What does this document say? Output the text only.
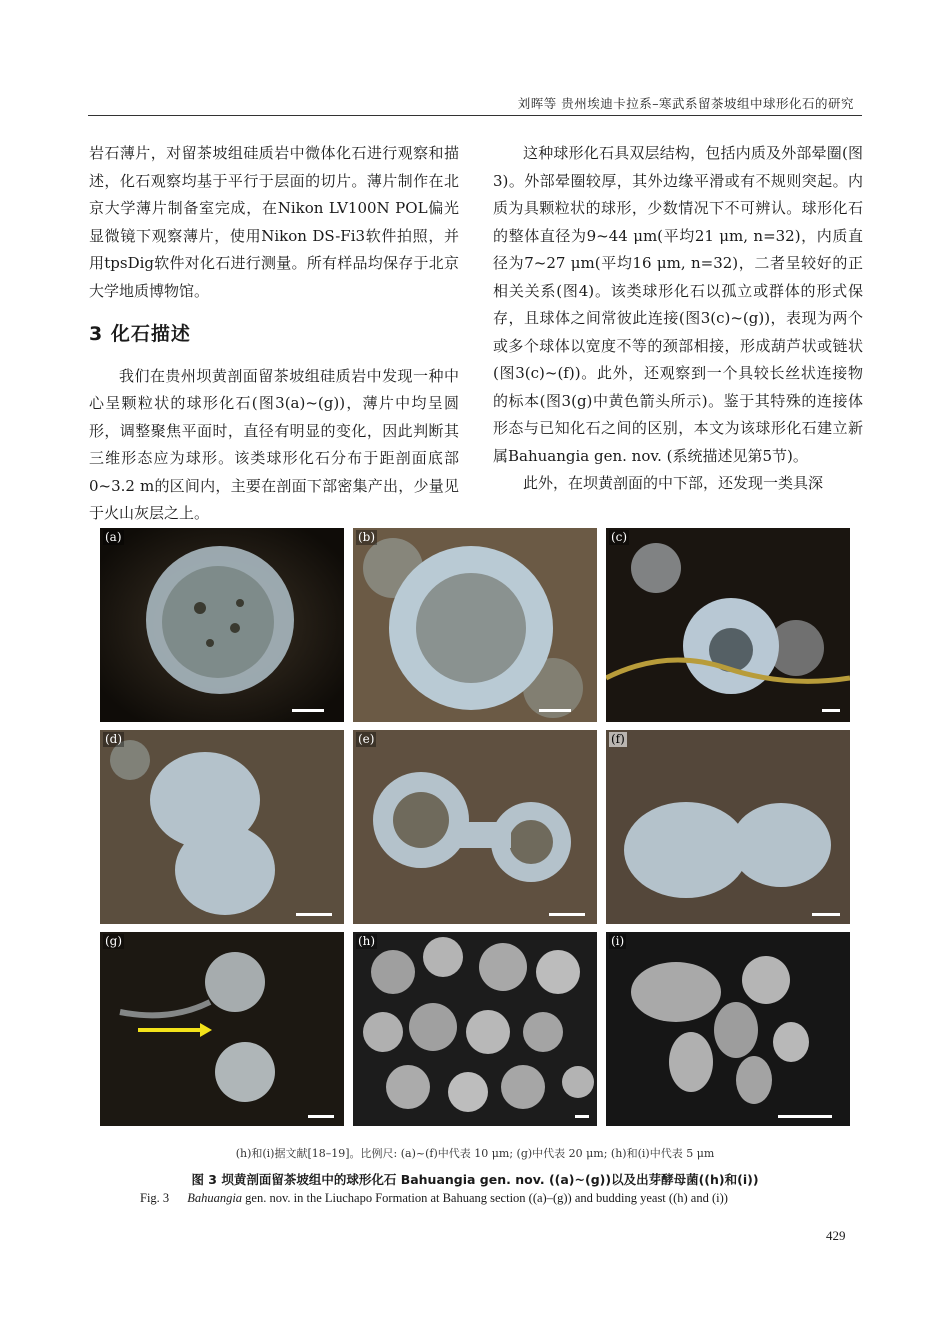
刘晖等 贵州埃迪卡拉系–寒武系留茶坡组中球形化石的研究

岩石薄片，对留茶坡组硅质岩中微体化石进行观察和描述，化石观察均基于平行于层面的切片。薄片制作在北京大学薄片制备室完成，在Nikon LV100N POL偏光显微镜下观察薄片，使用Nikon DS-Fi3软件拍照，并用tpsDig软件对化石进行测量。所有样品均保存于北京大学地质博物馆。

3 化石描述

我们在贵州坝黄剖面留茶坡组硅质岩中发现一种中心呈颗粒状的球形化石(图3(a)~(g))，薄片中均呈圆形，调整聚焦平面时，直径有明显的变化，因此判断其三维形态应为球形。该类球形化石分布于距剖面底部0~3.2 m的区间内，主要在剖面下部密集产出，少量见于火山灰层之上。

这种球形化石具双层结构，包括内质及外部晕圈(图3)。外部晕圈较厚，其外边缘平滑或有不规则突起。内质为具颗粒状的球形，少数情况下不可辨认。球形化石的整体直径为9~44 μm(平均21 μm, n=32)，内质直径为7~27 μm(平均16 μm, n=32)，二者呈较好的正相关关系(图4)。该类球形化石以孤立或群体的形式保存，且球体之间常彼此连接(图3(c)~(g))，表现为两个或多个球体以宽度不等的颈部相接，形成葫芦状或链状(图3(c)~(f))。此外，还观察到一个具较长丝状连接物的标本(图3(g)中黄色箭头所示)。鉴于其特殊的连接体形态与已知化石之间的区别，本文为该球形化石建立新属Bahuangia gen. nov. (系统描述见第5节)。

此外，在坝黄剖面的中下部，还发现一类具深

(a)	(b)	(c)
(d)	(e)	(f)
(g)	(h)	(i)
(h)和(i)据文献[18–19]。比例尺: (a)~(f)中代表 10 μm; (g)中代表 20 μm; (h)和(i)中代表 5 μm
图 3 坝黄剖面留茶坡组中的球形化石 Bahuangia gen. nov. ((a)~(g))以及出芽酵母菌((h)和(i))
Fig. 3 Bahuangia gen. nov. in the Liuchapo Formation at Bahuang section ((a)–(g)) and budding yeast ((h) and (i))
429
